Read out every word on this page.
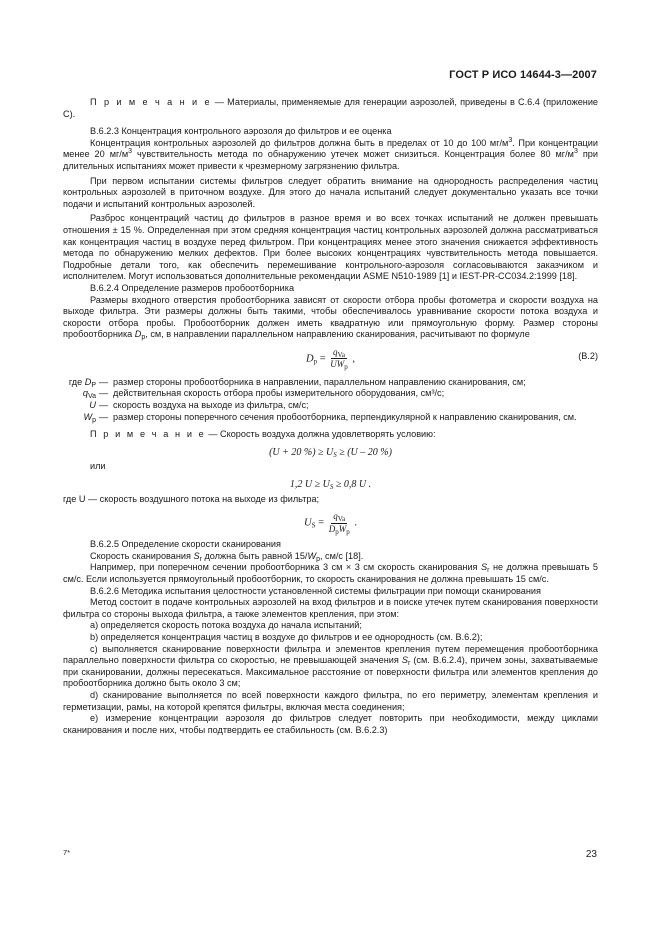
ГОСТ Р ИСО 14644-3—2007

П р и м е ч а н и е — Материалы, применяемые для генерации аэрозолей, приведены в C.6.4 (приложение С).

В.6.2.3 Концентрация контрольного аэрозоля до фильтров и ее оценка

Концентрация контрольных аэрозолей до фильтров должна быть в пределах от 10 до 100 $мг/м^3$. При концентрации менее 20 $мг/м^3$ чувствительность метода по обнаружению утечек может снизиться. Концентрация более 80 $мг/м^3$ при длительных испытаниях может привести к чрезмерному загрязнению фильтра.

При первом испытании системы фильтров следует обратить внимание на однородность распределения частиц контрольных аэрозолей в приточном воздухе. Для этого до начала испытаний следует документально указать все точки подачи и испытаний контрольных аэрозолей.

Разброс концентраций частиц до фильтров в разное время и во всех точках испытаний не должен превышать отношения ± 15 %. Определенная при этом средняя концентрация частиц контрольных аэрозолей должна рассматриваться как концентрация частиц в воздухе перед фильтром. При концентрациях менее этого значения снижается эффективность метода по обнаружению мелких дефектов. При более высоких концентрациях чувствительность метода повышается. Подробные детали того, как обеспечить перемешивание контрольного-аэрозоля согласовываются заказчиком и исполнителем. Могут использоваться дополнительные рекомендации ASME N510-1989 [1] и IEST-PR-CC034.2:1999 [18].

В.6.2.4 Определение размеров пробоотборника

Размеры входного отверстия пробоотборника зависят от скорости отбора пробы фотометра и скорости воздуха на выходе фильтра. Эти размеры должны быть такими, чтобы обеспечивалось уравнивание скорости потока воздуха и скорости отбора пробы. Пробоотборник должен иметь квадратную или прямоугольную форму. Размер стороны пробоотборника $D_p$, см, в направлении параллельном направлению сканирования, расчитывают по формуле

$D_p = \frac{q_{Va}}{UW_p}$ ,	(В.2)
где $D_P$ — размер стороны пробоотборника в направлении, параллельном направлению сканирования, см;
$q_{Va}$ — действительная скорость отбора пробы измерительного оборудования, см³/с;
U — скорость воздуха на выходе из фильтра, см/с;
$W_p$ — размер стороны поперечного сечения пробоотборника, перпендикулярной к направлению сканирования, см.

П р и м е ч а н и е — Скорость воздуха должна удовлетворять условию:

(U + 20 %) ≥ $U_S \ge (U - 20$ %)

или

1,2 $U \ge U_S \ge 0,8$ U .

где U — скорость воздушного потока на выходе из фильтра;

$U_S = \frac{q_{Va}}{D_pW_p}$ .

В.6.2.5 Определение скорости сканирования

Скорость сканирования $S_r$ должна быть равной $15/W_p$, см/с [18].

Например, при поперечном сечении пробоотборника 3 см × 3 см скорость сканирования $S_r$ не должна превышать 5 см/с. Если используется прямоугольный пробоотборник, то скорость сканирования не должна превышать 15 см/с.

В.6.2.6 Методика испытания целостности установленной системы фильтрации при помощи сканирования

Метод состоит в подаче контрольных аэрозолей на вход фильтров и в поиске утечек путем сканирования поверхности фильтра со стороны выхода фильтра, а также элементов крепления, при этом:

a) определяется скорость потока воздуха до начала испытаний;

b) определяется концентрация частиц в воздухе до фильтров и ее однородность (см. В.6.2);

c) выполняется сканирование поверхности фильтра и элементов крепления путем перемещения пробоотборника параллельно поверхности фильтра со скоростью, не превышающей значения $S_r$ (см. В.6.2.4), причем зоны, захватываемые при сканировании, должны пересекаться. Максимальное расстояние от поверхности фильтра или элементов крепления до пробоотборника должно быть около 3 см;

d) сканирование выполняется по всей поверхности каждого фильтра, по его периметру, элементам крепления и герметизации, рамы, на которой крепятся фильтры, включая места соединения;

e) измерение концентрации аэрозоля до фильтров следует повторить при необходимости, между циклами сканирования и после них, чтобы подтвердить ее стабильность (см. В.6.2.3)

7*	23
